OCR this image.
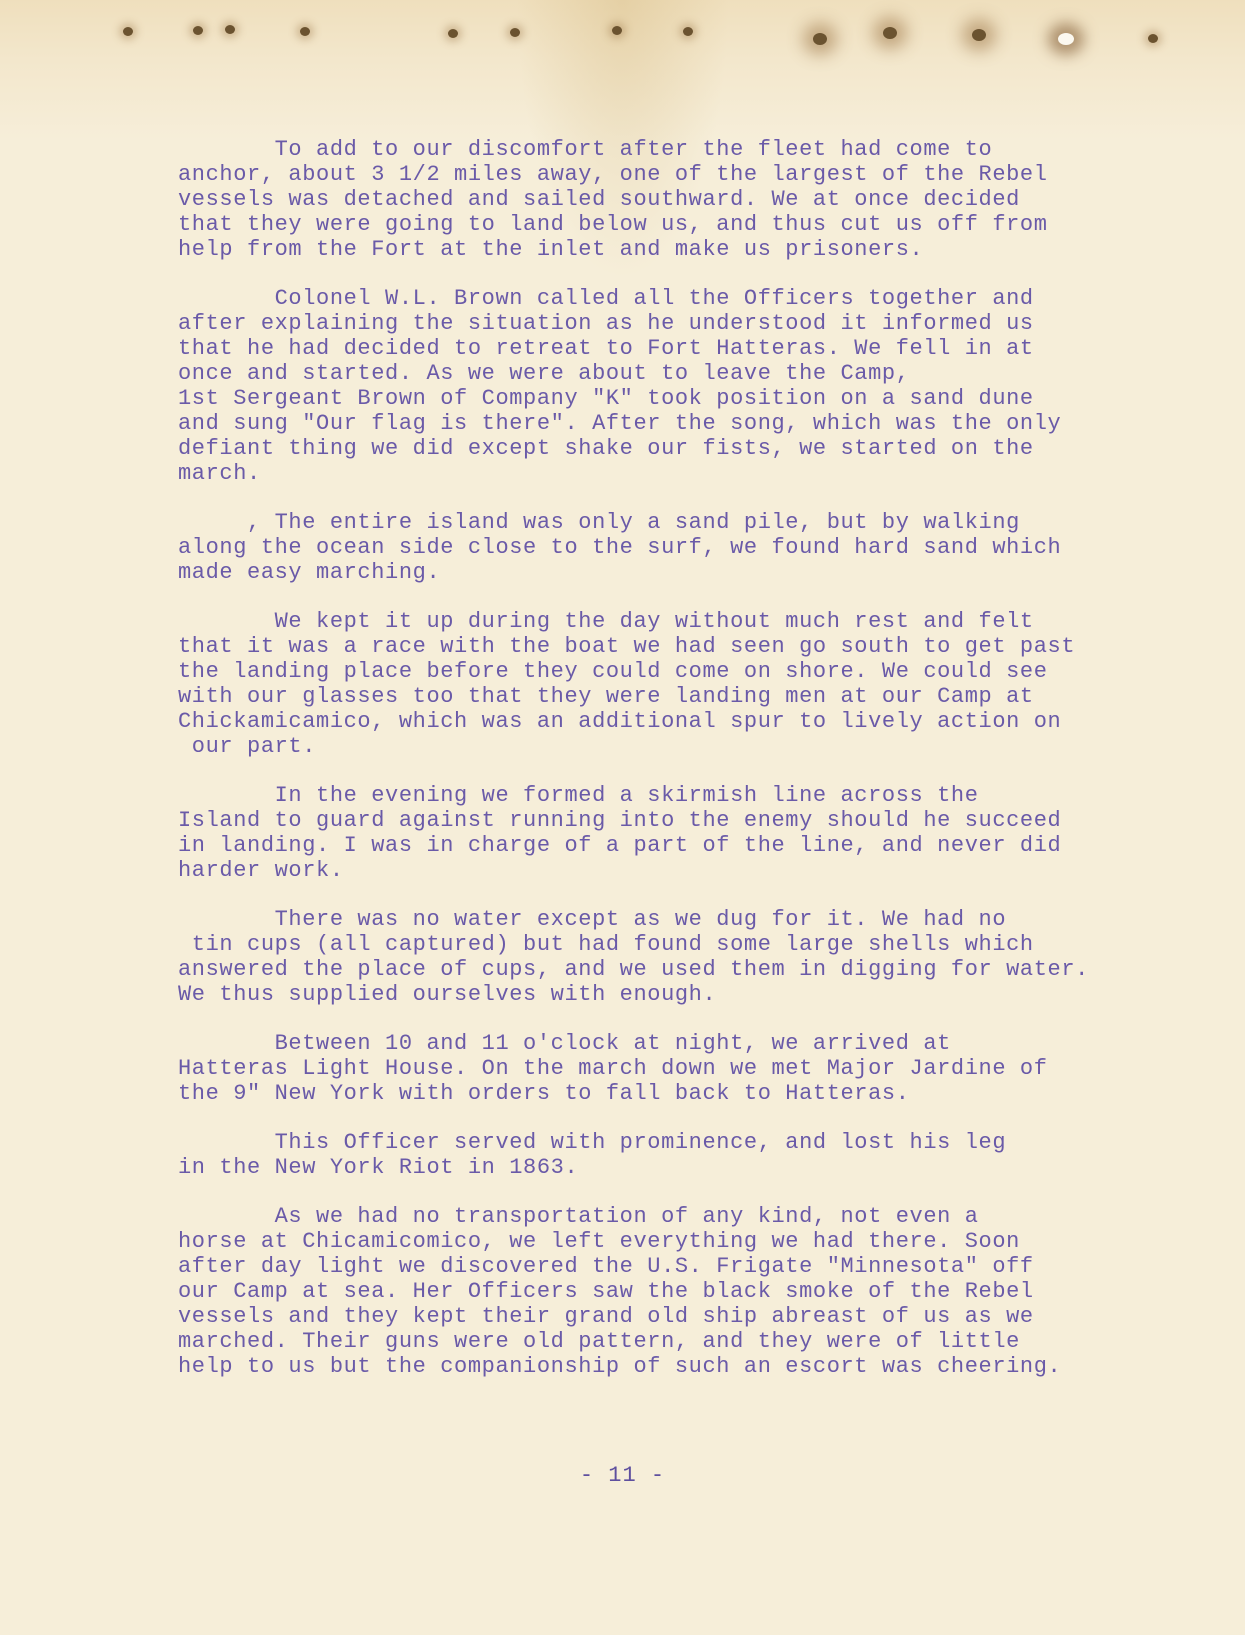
To add to our discomfort after the fleet had come to
anchor, about 3 1/2 miles away, one of the largest of the Rebel
vessels was detached and sailed southward. We at once decided
that they were going to land below us, and thus cut us off from
help from the Fort at the inlet and make us prisoners.
Colonel W.L. Brown called all the Officers together and
after explaining the situation as he understood it informed us
that he had decided to retreat to Fort Hatteras. We fell in at
once and started. As we were about to leave the Camp,
1st Sergeant Brown of Company "K" took position on a sand dune
and sung "Our flag is there". After the song, which was the only
defiant thing we did except shake our fists, we started on the
march.
, The entire island was only a sand pile, but by walking
along the ocean side close to the surf, we found hard sand which
made easy marching.
We kept it up during the day without much rest and felt
that it was a race with the boat we had seen go south to get past
the landing place before they could come on shore. We could see
with our glasses too that they were landing men at our Camp at
Chickamicamico, which was an additional spur to lively action on
our part.
In the evening we formed a skirmish line across the
Island to guard against running into the enemy should he succeed
in landing. I was in charge of a part of the line, and never did
harder work.
There was no water except as we dug for it. We had no
tin cups (all captured) but had found some large shells which
answered the place of cups, and we used them in digging for water.
We thus supplied ourselves with enough.
Between 10 and 11 o'clock at night, we arrived at
Hatteras Light House. On the march down we met Major Jardine of
the 9" New York with orders to fall back to Hatteras.
This Officer served with prominence, and lost his leg
in the New York Riot in 1863.
As we had no transportation of any kind, not even a
horse at Chicamicomico, we left everything we had there. Soon
after day light we discovered the U.S. Frigate "Minnesota" off
our Camp at sea. Her Officers saw the black smoke of the Rebel
vessels and they kept their grand old ship abreast of us as we
marched. Their guns were old pattern, and they were of little
help to us but the companionship of such an escort was cheering.
- 11 -
